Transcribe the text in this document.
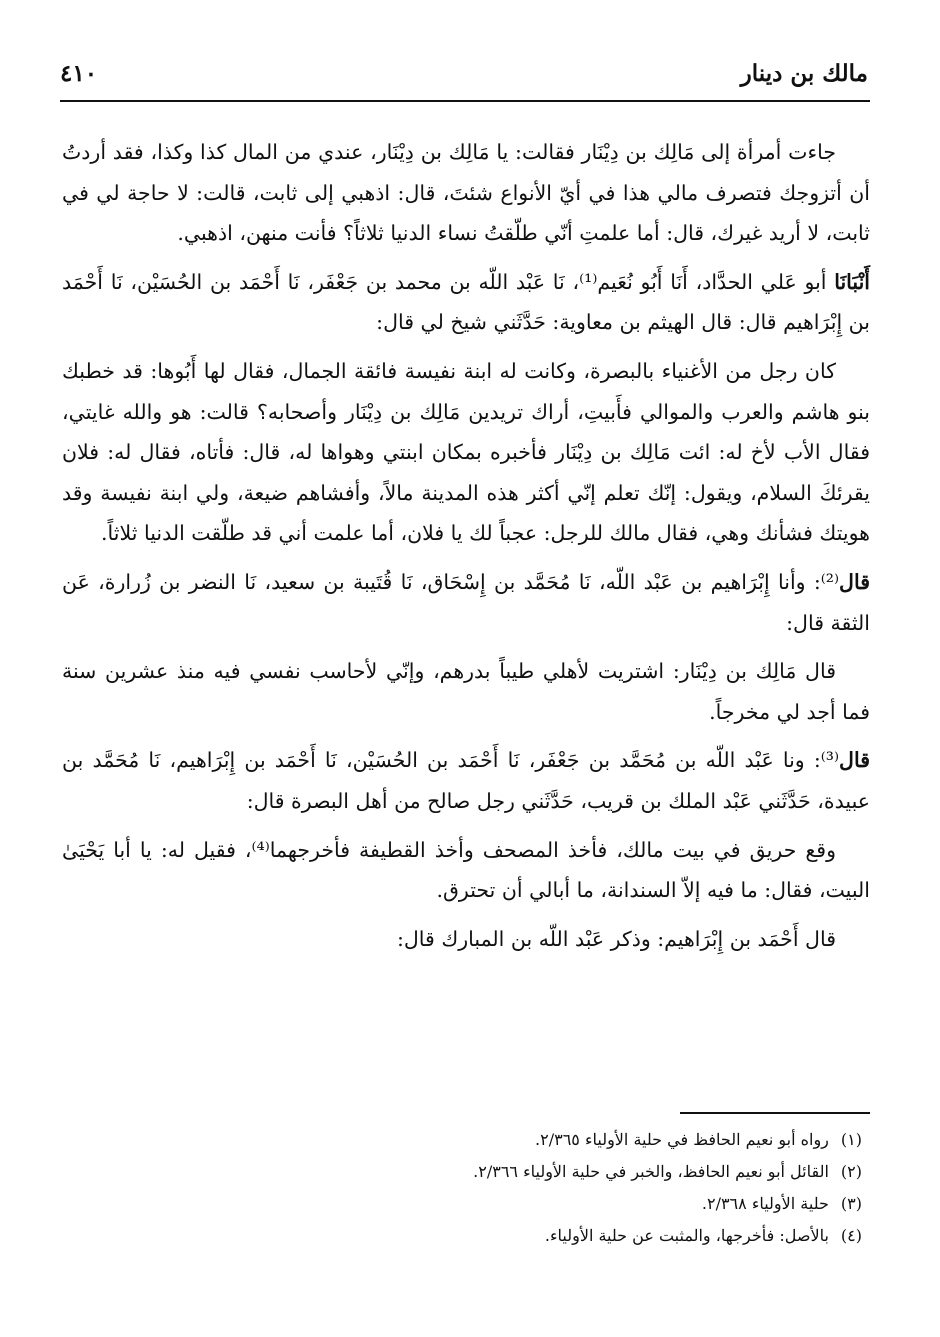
مالك بن دينار
٤١٠

جاءت أمرأة إلى مَالِك بن دِيْنَار فقالت: يا مَالِك بن دِيْنَار، عندي من المال كذا وكذا، فقد أردتُ أن أتزوجك فتصرف مالي هذا في أيّ الأنواع شئتَ، قال: اذهبي إلى ثابت، قالت: لا حاجة لي في ثابت، لا أريد غيرك، قال: أما علمتِ أنّي طلّقتُ نساء الدنيا ثلاثاً؟ فأنت منهن، اذهبي.

أَنْبَانَا أبو عَلي الحدَّاد، أَنَا أَبُو نُعَيم⁽¹⁾، نَا عَبْد اللّه بن محمد بن جَعْفَر، نَا أَحْمَد بن الحُسَيْن، نَا أَحْمَد بن إِبْرَاهيم قال: قال الهيثم بن معاوية: حَدَّثَني شيخ لي قال:

كان رجل من الأغنياء بالبصرة، وكانت له ابنة نفيسة فائقة الجمال، فقال لها أَبُوها: قد خطبك بنو هاشم والعرب والموالي فأَبيتِ، أراك تريدين مَالِك بن دِيْنَار وأصحابه؟ قالت: هو والله غايتي، فقال الأب لأخ له: ائت مَالِك بن دِيْنَار فأخبره بمكان ابنتي وهواها له، قال: فأتاه، فقال له: فلان يقرئكَ السلام، ويقول: إنّك تعلم إنّي أكثر هذه المدينة مالاً، وأفشاهم ضيعة، ولي ابنة نفيسة وقد هويتك فشأنك وهي، فقال مالك للرجل: عجباً لك يا فلان، أما علمت أني قد طلّقت الدنيا ثلاثاً.

قال⁽²⁾: وأنا إِبْرَاهيم بن عَبْد اللّه، نَا مُحَمَّد بن إِسْحَاق، نَا قُتَيبة بن سعيد، نَا النضر بن زُرارة، عَن الثقة قال:

قال مَالِك بن دِيْنَار: اشتريت لأهلي طيباً بدرهم، وإنّي لأحاسب نفسي فيه منذ عشرين سنة فما أجد لي مخرجاً.

قال⁽³⁾: ونا عَبْد اللّه بن مُحَمَّد بن جَعْفَر، نَا أَحْمَد بن الحُسَيْن، نَا أَحْمَد بن إِبْرَاهيم، نَا مُحَمَّد بن عبيدة، حَدَّثَني عَبْد الملك بن قريب، حَدَّثَني رجل صالح من أهل البصرة قال:

وقع حريق في بيت مالك، فأخذ المصحف وأخذ القطيفة فأخرجهما⁽⁴⁾، فقيل له: يا أبا يَحْيَىٰ البيت، فقال: ما فيه إلاّ السندانة، ما أبالي أن تحترق.

قال أَحْمَد بن إِبْرَاهيم: وذكر عَبْد اللّه بن المبارك قال:

(١)رواه أبو نعيم الحافظ في حلية الأولياء ٢/٣٦٥.
(٢)القائل أبو نعيم الحافظ، والخبر في حلية الأولياء ٢/٣٦٦.
(٣)حلية الأولياء ٢/٣٦٨.
(٤)بالأصل: فأخرجها، والمثبت عن حلية الأولياء.
